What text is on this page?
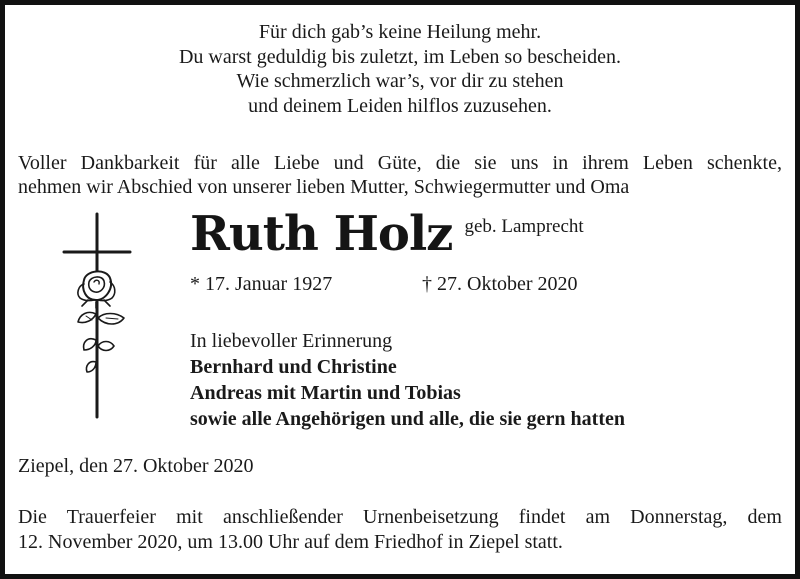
Für dich gab’s keine Heilung mehr.
Du warst geduldig bis zuletzt, im Leben so bescheiden.
Wie schmerzlich war’s, vor dir zu stehen
und deinem Leiden hilflos zuzusehen.
Voller Dankbarkeit für alle Liebe und Güte, die sie uns in ihrem Leben schenkte,
nehmen wir Abschied von unserer lieben Mutter, Schwiegermutter und Oma
Ruth Holz geb. Lamprecht
* 17. Januar 1927	† 27. Oktober 2020
In liebevoller Erinnerung
Bernhard und Christine
Andreas mit Martin und Tobias
sowie alle Angehörigen und alle, die sie gern hatten
Ziepel, den 27. Oktober 2020
Die Trauerfeier mit anschließender Urnenbeisetzung findet am Donnerstag, dem
12. November 2020, um 13.00 Uhr auf dem Friedhof in Ziepel statt.
